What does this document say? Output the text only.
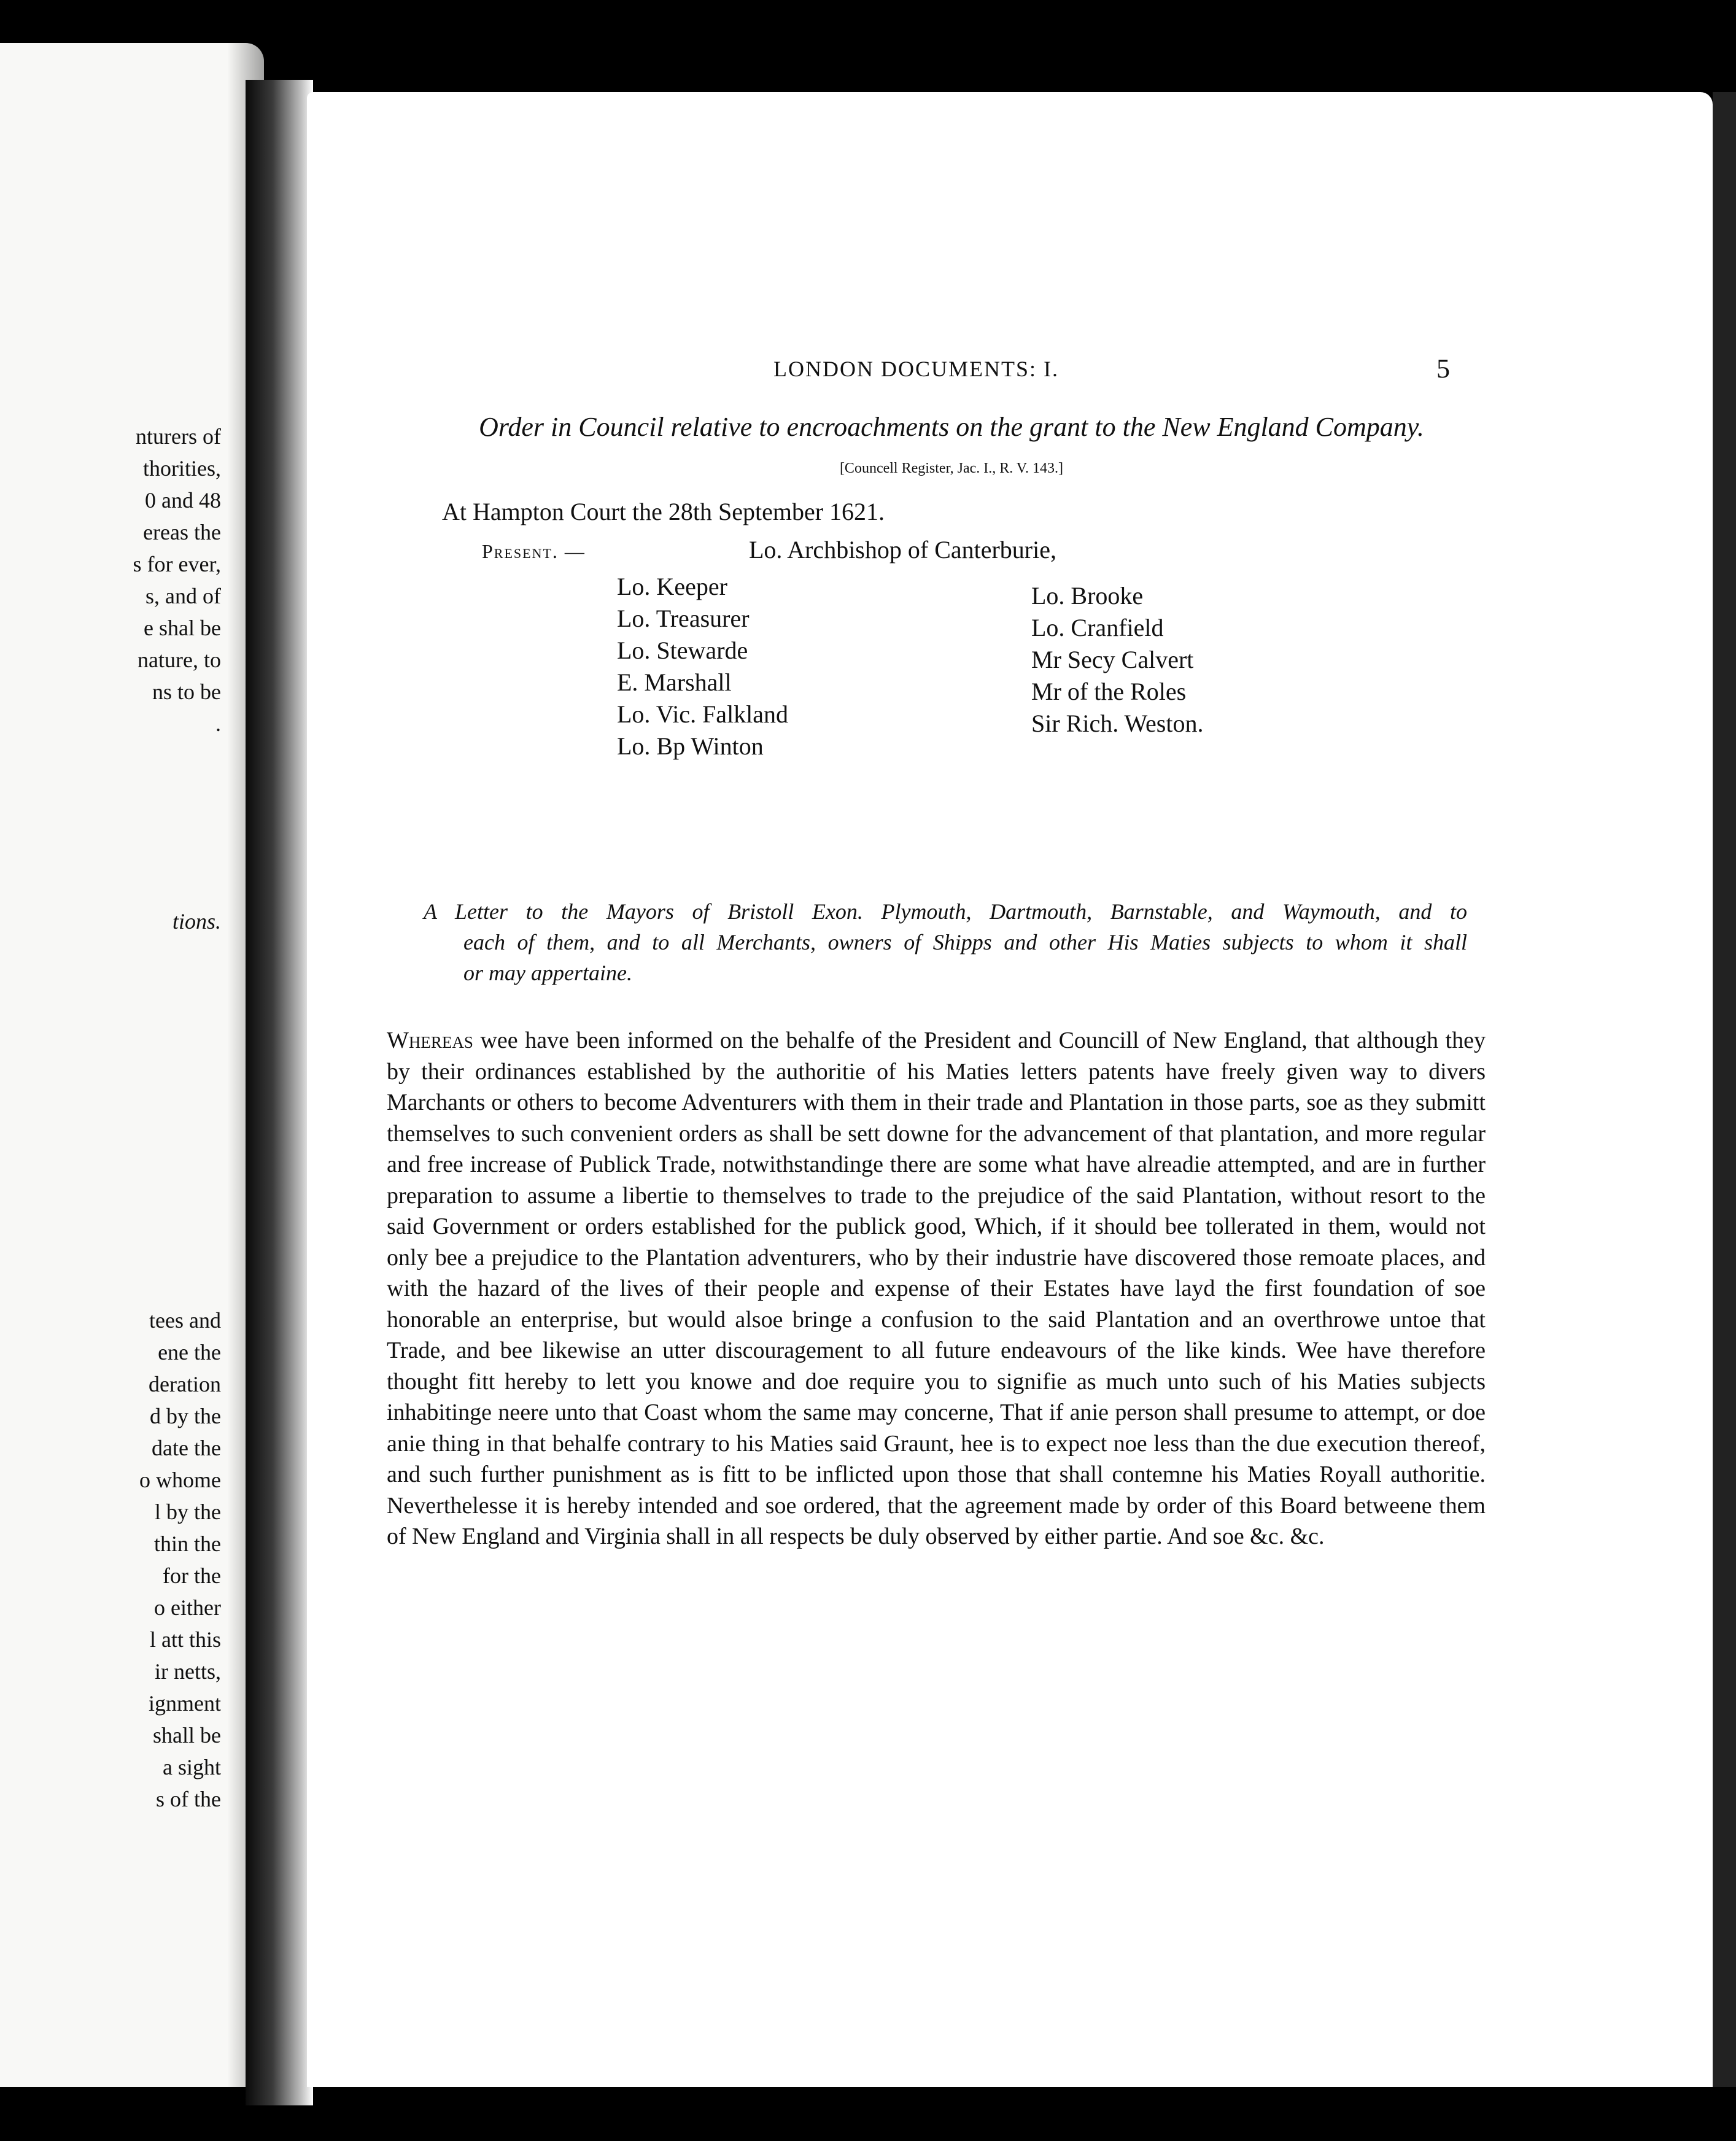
nturers of
thorities,
0 and 48
ereas the
s for ever,
s, and of
e shal be
nature, to
ns to be
.
tions.
tees and
ene the
deration
d by the
date the
o whome
l by the
thin the
for the
o either
l att this
ir netts,
ignment
shall be
a sight
s of the
LONDON DOCUMENTS: I.	5
Order in Council relative to encroachments on the grant to the New England Company.
[Councell Register, Jac. I., R. V. 143.]
At Hampton Court the 28th September 1621.
Present. —	Lo. Archbishop of Canterburie,
Lo. Keeper
Lo. Treasurer
Lo. Stewarde
E. Marshall
Lo. Vic. Falkland
Lo. Bp Winton
Lo. Brooke
Lo. Cranfield
Mr Secy Calvert
Mr of the Roles
Sir Rich. Weston.
A Letter to the Mayors of Bristoll Exon. Plymouth, Dartmouth, Barnstable, and Waymouth, and to
each of them, and to all Merchants, owners of Shipps and other His Maties subjects to whom it shall
or may appertaine.
Whereas wee have been informed on the behalfe of the President and Councill of New England, that although they by their ordinances established by the authoritie of his Maties letters patents have freely given way to divers Marchants or others to become Adventurers with them in their trade and Plantation in those parts, soe as they submitt themselves to such convenient orders as shall be sett downe for the advancement of that plantation, and more regular and free increase of Publick Trade, notwithstandinge there are some what have alreadie attempted, and are in further preparation to assume a libertie to themselves to trade to the prejudice of the said Plantation, without resort to the said Government or orders established for the publick good, Which, if it should bee tollerated in them, would not only bee a prejudice to the Plantation adventurers, who by their industrie have discovered those remoate places, and with the hazard of the lives of their people and expense of their Estates have layd the first foundation of soe honorable an enterprise, but would alsoe bringe a confusion to the said Plantation and an overthrowe untoe that Trade, and bee likewise an utter discouragement to all future endeavours of the like kinds. Wee have therefore thought fitt hereby to lett you knowe and doe require you to signifie as much unto such of his Maties subjects inhabitinge neere unto that Coast whom the same may concerne, That if anie person shall presume to attempt, or doe anie thing in that behalfe contrary to his Maties said Graunt, hee is to expect noe less than the due execution thereof, and such further punishment as is fitt to be inflicted upon those that shall contemne his Maties Royall authoritie. Neverthelesse it is hereby intended and soe ordered, that the agreement made by order of this Board betweene them of New England and Virginia shall in all respects be duly observed by either partie. And soe &c. &c.
